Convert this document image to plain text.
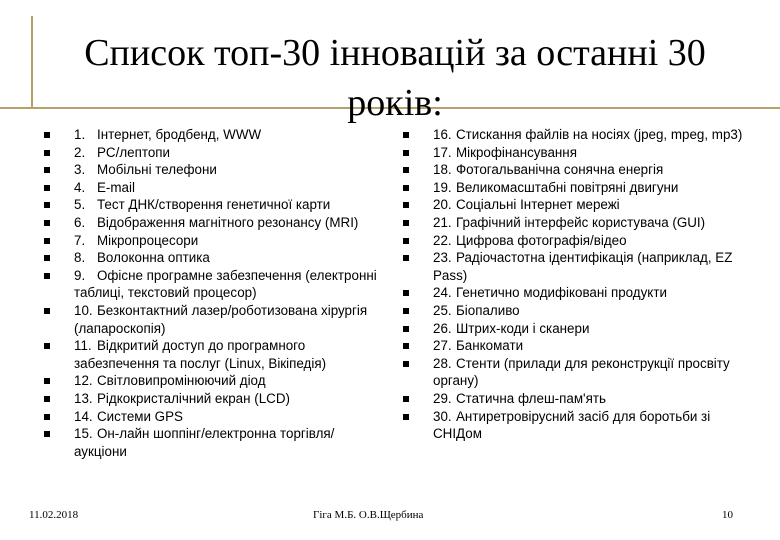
Список топ-30 інновацій за останні 30 років:
1. Інтернет, бродбенд, WWW
2. PC/лептопи
3. Мобільні телефони
4. E-mail
5. Тест ДНК/створення генетичної карти
6. Відображення магнітного резонансу (MRI)
7. Мікропроцесори
8. Волоконна оптика
9. Офісне програмне забезпечення (електронні таблиці, текстовий процесор)
10. Безконтактний лазер/роботизована хірургія (лапароскопія)
11. Відкритий доступ до програмного забезпечення та послуг (Linux, Вікіпедія)
12. Світловипромінюючий діод
13. Рідкокристалічний екран (LCD)
14. Системи GPS
15. Он-лайн шоппінг/електронна торгівля/аукціони
16. Стискання файлів на носіях (jpeg, mpeg, mp3)
17. Мікрофінансування
18. Фотогальванічна сонячна енергія
19. Великомасштабні повітряні двигуни
20. Соціальні Інтернет мережі
21. Графічний інтерфейс користувача (GUI)
22. Цифрова фотографія/відео
23. Радіочастотна ідентифікація (наприклад, EZ Pass)
24. Генетично модифіковані продукти
25. Біопаливо
26. Штрих-коди і сканери
27. Банкомати
28. Стенти (прилади для реконструкції просвіту органу)
29. Статична флеш-пам'ять
30. Антиретровірусний засіб для боротьби зі СНІДом
11.02.2018	Гіга М.Б. О.В.Щербина	10
